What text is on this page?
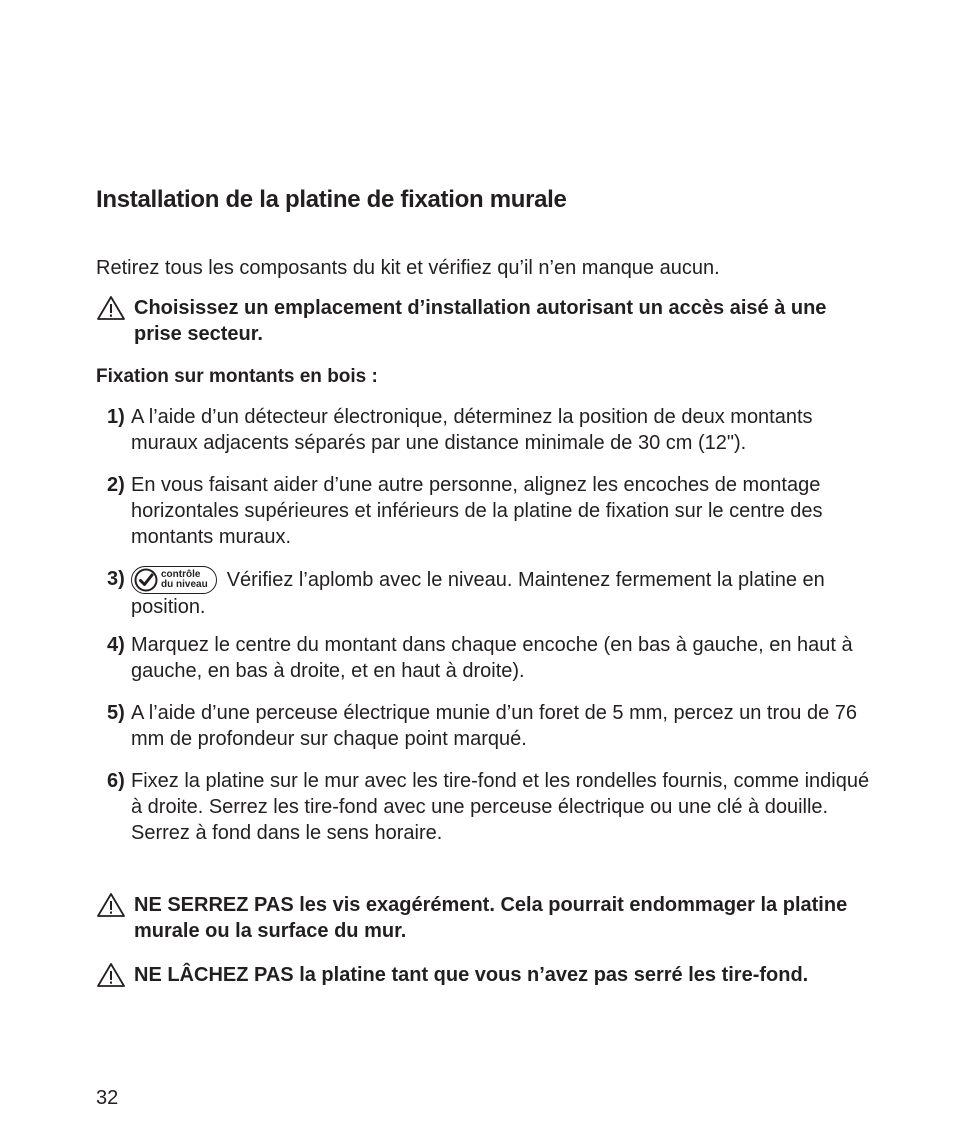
Installation de la platine de fixation murale

Retirez tous les composants du kit et vérifiez qu’il n’en manque aucun.

Choisissez un emplacement d’installation autorisant un accès aisé à une prise secteur.
Fixation sur montants en bois :
1) A l’aide d’un détecteur électronique, déterminez la position de deux montants muraux adjacents séparés par une distance minimale de 30 cm (12").
2) En vous faisant aider d’une autre personne, alignez les encoches de montage horizontales supérieures et inférieurs de la platine de fixation sur le centre des montants muraux.
3)	contrôle
du niveau Vérifiez l’aplomb avec le niveau. Maintenez fermement la platine en position.
4) Marquez le centre du montant dans chaque encoche (en bas à gauche, en haut à gauche, en bas à droite, et en haut à droite).
5) A l’aide d’une perceuse électrique munie d’un foret de 5 mm, percez un trou de 76 mm de profondeur sur chaque point marqué.
6) Fixez la platine sur le mur avec les tire-fond et les rondelles fournis, comme indiqué à droite. Serrez les tire-fond avec une perceuse électrique ou une clé à douille. Serrez à fond dans le sens horaire.
NE SERREZ PAS les vis exagérément. Cela pourrait endommager la platine murale ou la surface du mur.
NE LÂCHEZ PAS la platine tant que vous n’avez pas serré les tire-fond.
32
